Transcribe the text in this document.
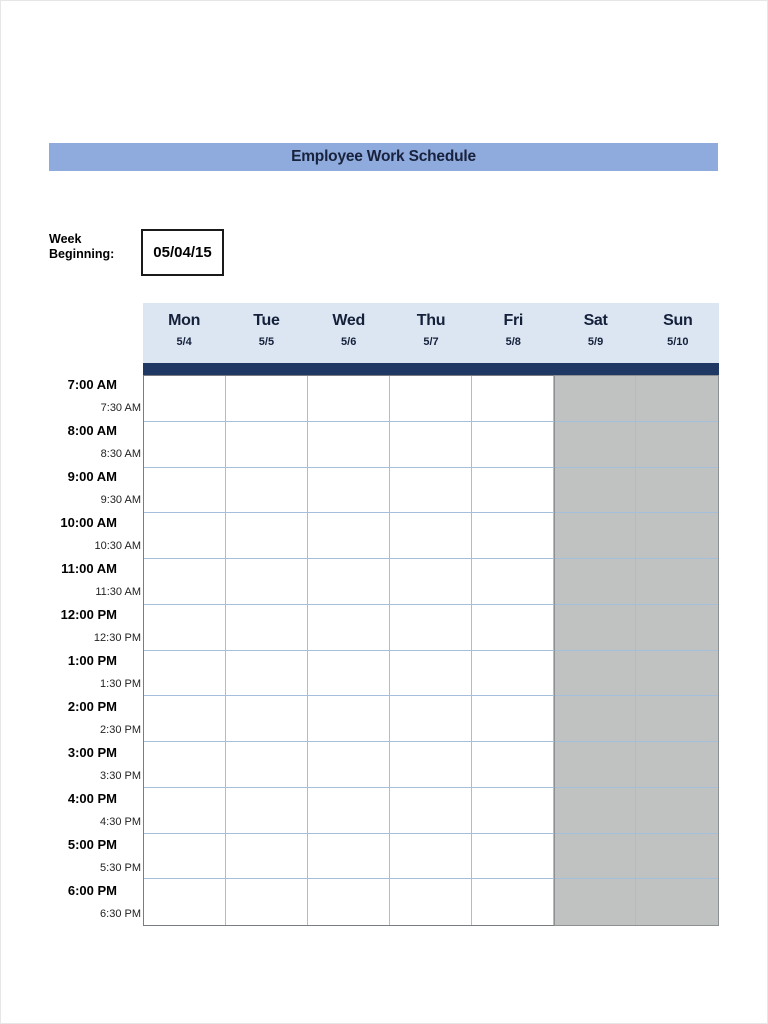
Employee Work Schedule
Week
Beginning:	05/04/15
Mon
5/4
Tue
5/5
Wed
5/6
Thu
5/7
Fri
5/8
Sat
5/9
Sun
5/10
7:00 AM
7:30 AM
8:00 AM
8:30 AM
9:00 AM
9:30 AM
10:00 AM
10:30 AM
11:00 AM
11:30 AM
12:00 PM
12:30 PM
1:00 PM
1:30 PM
2:00 PM
2:30 PM
3:00 PM
3:30 PM
4:00 PM
4:30 PM
5:00 PM
5:30 PM
6:00 PM
6:30 PM
